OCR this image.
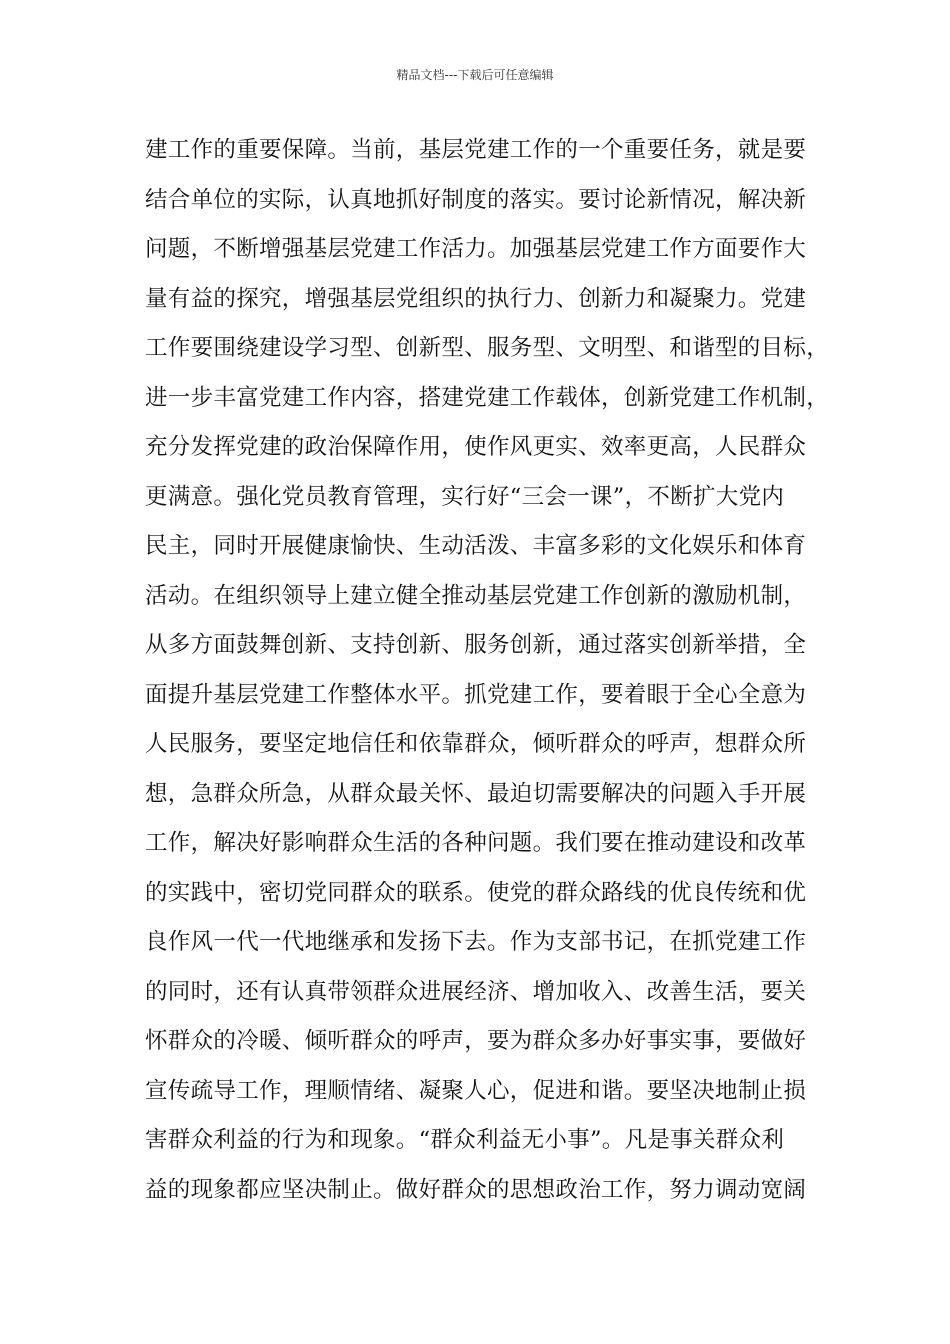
精品文档---下载后可任意编辑
建工作的重要保障。当前，基层党建工作的一个重要任务，就是要
结合单位的实际，认真地抓好制度的落实。要讨论新情况，解决新
问题，不断增强基层党建工作活力。加强基层党建工作方面要作大
量有益的探究，增强基层党组织的执行力、创新力和凝聚力。党建
工作要围绕建设学习型、创新型、服务型、文明型、和谐型的目标，
进一步丰富党建工作内容，搭建党建工作载体，创新党建工作机制，
充分发挥党建的政治保障作用，使作风更实、效率更高，人民群众
更满意。强化党员教育管理，实行好“三会一课”，不断扩大党内
民主，同时开展健康愉快、生动活泼、丰富多彩的文化娱乐和体育
活动。在组织领导上建立健全推动基层党建工作创新的激励机制，
从多方面鼓舞创新、支持创新、服务创新，通过落实创新举措，全
面提升基层党建工作整体水平。抓党建工作，要着眼于全心全意为
人民服务，要坚定地信任和依靠群众，倾听群众的呼声，想群众所
想，急群众所急，从群众最关怀、最迫切需要解决的问题入手开展
工作，解决好影响群众生活的各种问题。我们要在推动建设和改革
的实践中，密切党同群众的联系。使党的群众路线的优良传统和优
良作风一代一代地继承和发扬下去。作为支部书记，在抓党建工作
的同时，还有认真带领群众进展经济、增加收入、改善生活，要关
怀群众的冷暖、倾听群众的呼声，要为群众多办好事实事，要做好
宣传疏导工作，理顺情绪、凝聚人心，促进和谐。要坚决地制止损
害群众利益的行为和现象。“群众利益无小事”。凡是事关群众利
益的现象都应坚决制止。做好群众的思想政治工作，努力调动宽阔
